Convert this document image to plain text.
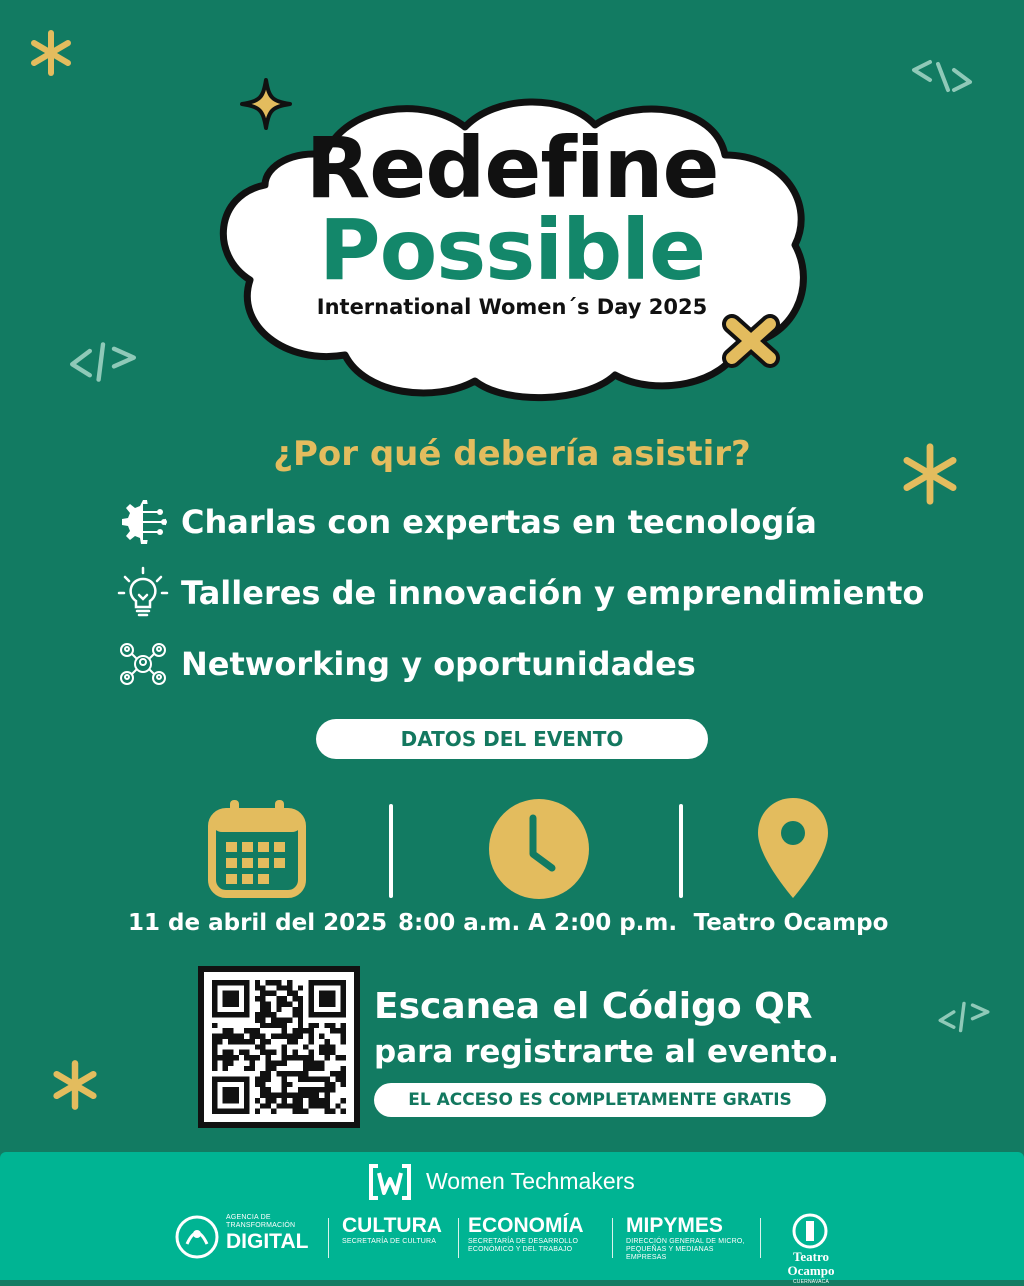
Redefine
Possible
International Women´s Day 2025
¿Por qué debería asistir?
Charlas con expertas en tecnología
Talleres de innovación y emprendimiento
Networking y oportunidades
DATOS DEL EVENTO
11 de abril del 2025 8:00 a.m. A 2:00 p.m. Teatro Ocampo
Escanea el Código QR
para registrarte al evento.
EL ACCESO ES COMPLETAMENTE GRATIS
Women Techmakers
AGENCIA DE TRANSFORMACIÓN
DIGITAL
CULTURA
SECRETARÍA DE CULTURA
ECONOMÍA
SECRETARÍA DE DESARROLLO ECONÓMICO Y DEL TRABAJO
MIPYMES
DIRECCIÓN GENERAL DE MICRO, PEQUEÑAS Y MEDIANAS EMPRESAS	Teatro Ocampo
CUERNAVACA
